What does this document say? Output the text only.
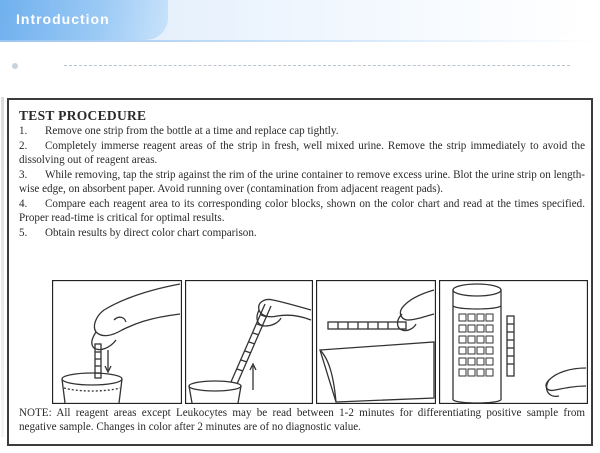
Introduction
TEST PROCEDURE

1. Remove one strip from the bottle at a time and replace cap tightly.

2. Completely immerse reagent areas of the strip in fresh, well mixed urine. Remove the strip immediately to avoid the dissolving out of reagent areas.

3. While removing, tap the strip against the rim of the urine container to remove excess urine. Blot the urine strip on length-wise edge, on absorbent paper. Avoid running over (contamination from adjacent reagent pads).

4. Compare each reagent area to its corresponding color blocks, shown on the color chart and read at the times specified. Proper read-time is critical for optimal results.

5. Obtain results by direct color chart comparison.

NOTE: All reagent areas except Leukocytes may be read between 1-2 minutes for differentiating positive sample from negative sample. Changes in color after 2 minutes are of no diagnostic value.
